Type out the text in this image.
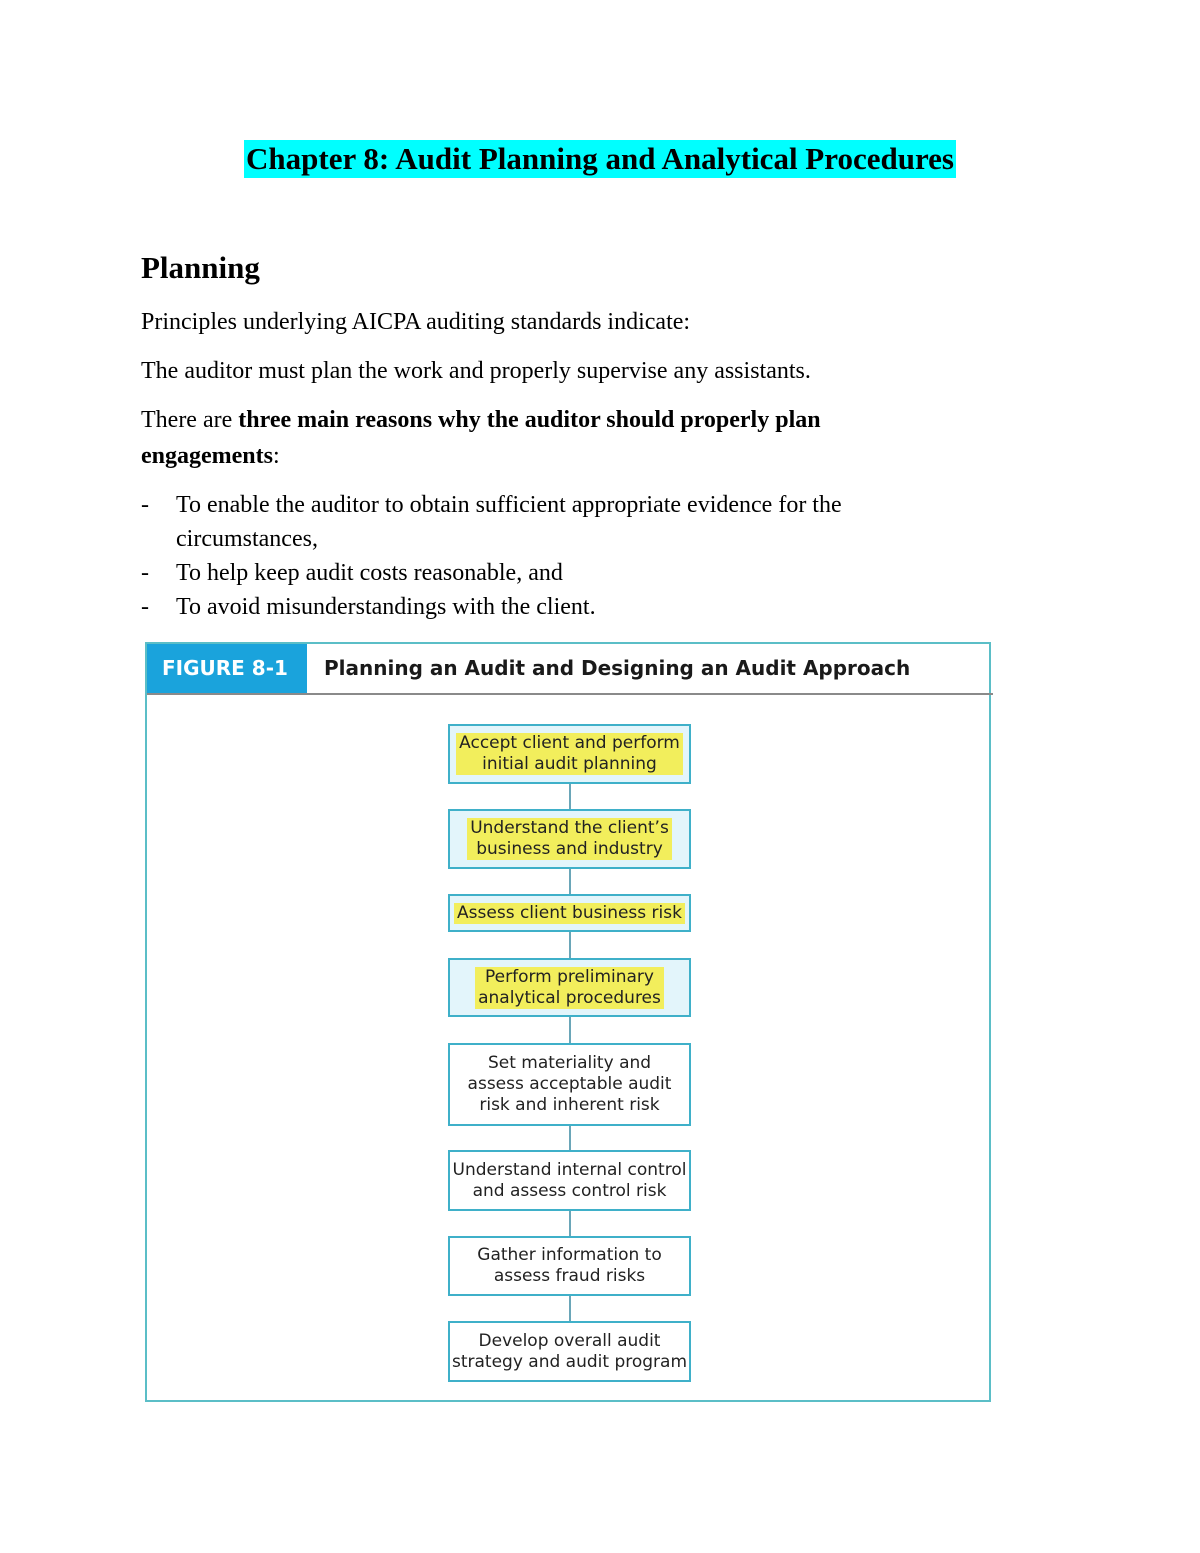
Chapter 8: Audit Planning and Analytical Procedures
Planning

Principles underlying AICPA auditing standards indicate:

The auditor must plan the work and properly supervise any assistants.

There are three main reasons why the auditor should properly plan engagements:

- To enable the auditor to obtain sufficient appropriate evidence for the circumstances,
- To help keep audit costs reasonable, and
- To avoid misunderstandings with the client.
FIGURE 8-1	Planning an Audit and Designing an Audit Approach
Accept client and perform
initial audit planning
Understand the client’s
business and industry
Assess client business risk
Perform preliminary
analytical procedures
Set materiality and
assess acceptable audit
risk and inherent risk
Understand internal control
and assess control risk
Gather information to
assess fraud risks
Develop overall audit
strategy and audit program
